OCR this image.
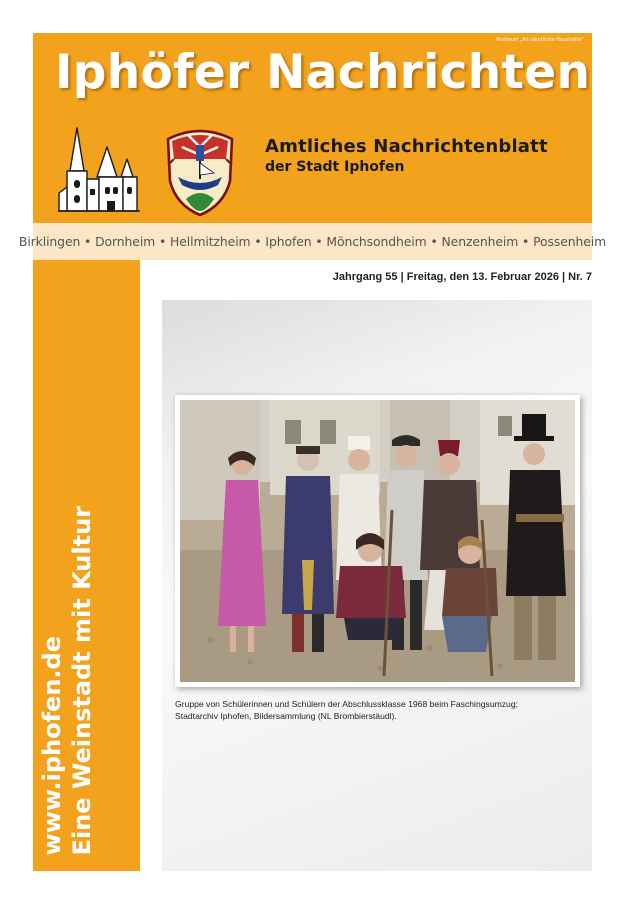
Postwurf „An sämtliche Haushalte“
Iphöfer Nachrichten
Amtliches Nachrichtenblatt
der Stadt Iphofen
Birklingen • Dornheim • Hellmitzheim • Iphofen • Mönchsondheim • Nenzenheim • Possenheim
Jahrgang 55 | Freitag, den 13. Februar 2026 | Nr. 7
www.iphofen.de Eine Weinstadt mit Kultur	Gruppe von Schülerinnen und Schülern der Abschlussklasse 1968 beim Faschingsumzug;
Stadtarchiv Iphofen, Bildersammlung (NL Brombierstäudl).
